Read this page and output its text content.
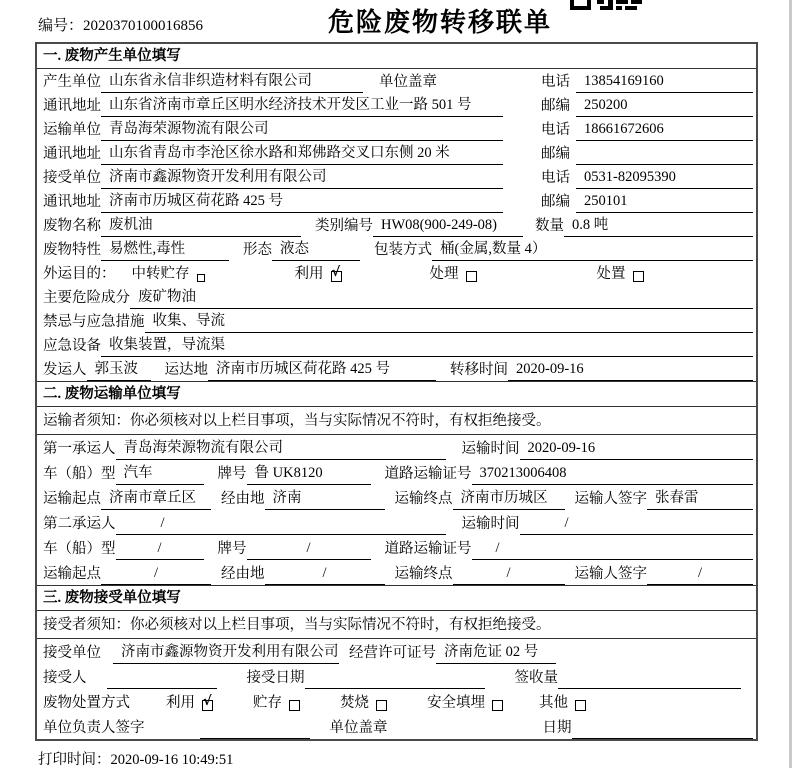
编号：2020370100016856	危险废物转移联单
一. 废物产生单位填写
产生单位 山东省永信非织造材料有限公司	单位盖章	电话 13854169160
通讯地址 山东省济南市章丘区明水经济技术开发区工业一路 501 号	邮编 250200
运输单位 青岛海荣源物流有限公司	电话 18661672606
通讯地址 山东省青岛市李沧区徐水路和郑佛路交叉口东侧 20 米	邮编
接受单位 济南市鑫源物资开发利用有限公司	电话 0531-82095390
通讯地址 济南市历城区荷花路 425 号	邮编 250101
废物名称 废机油	类别编号 HW08(900-249-08)	数量 0.8 吨
废物特性 易燃性,毒性	形态 液态	包装方式 桶(金属,数量 4）
外运目的： 中转贮存	利用 √	处理	处置
主要危险成分 废矿物油
禁忌与应急措施 收集、导流
应急设备 收集装置，导流渠
发运人 郭玉波	运达地 济南市历城区荷花路 425 号	转移时间 2020-09-16
二. 废物运输单位填写
运输者须知：你必须核对以上栏目事项，当与实际情况不符时，有权拒绝接受。
第一承运人 青岛海荣源物流有限公司	运输时间 2020-09-16
车（船）型 汽车	牌号 鲁 UK8120	道路运输证号 370213006408
运输起点 济南市章丘区	经由地 济南	运输终点 济南市历城区	运输人签字 张春雷
第二承运人	/	运输时间	/
车（船）型	/	牌号	/	道路运输证号	/
运输起点	/	经由地	/	运输终点	/	运输人签字	/
三. 废物接受单位填写
接受者须知：你必须核对以上栏目事项，当与实际情况不符时，有权拒绝接受。
接受单位	济南市鑫源物资开发利用有限公司 经营许可证号 济南危证 02 号
接受人	接受日期	签收量
废物处置方式 利用 √	贮存	焚烧	安全填埋	其他
单位负责人签字	单位盖章	日期
打印时间：2020-09-16 10:49:51
